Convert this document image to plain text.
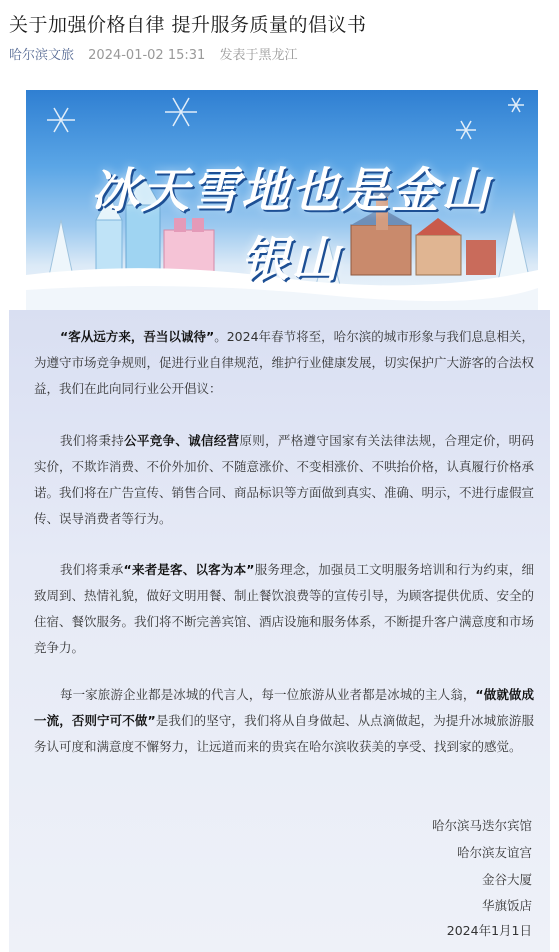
关于加强价格自律 提升服务质量的倡议书
哈尔滨文旅 2024-01-02 15:31 发表于黑龙江
冰天雪地也是金山银山

“客从远方来，吾当以诚待”。2024年春节将至，哈尔滨的城市形象与我们息息相关，为遵守市场竞争规则，促进行业自律规范，维护行业健康发展，切实保护广大游客的合法权益，我们在此向同行业公开倡议：

我们将秉持公平竞争、诚信经营原则，严格遵守国家有关法律法规，合理定价，明码实价，不欺诈消费、不价外加价、不随意涨价、不变相涨价、不哄抬价格，认真履行价格承诺。我们将在广告宣传、销售合同、商品标识等方面做到真实、准确、明示，不进行虚假宣传、误导消费者等行为。

我们将秉承“来者是客、以客为本”服务理念，加强员工文明服务培训和行为约束，细致周到、热情礼貌，做好文明用餐、制止餐饮浪费等的宣传引导，为顾客提供优质、安全的住宿、餐饮服务。我们将不断完善宾馆、酒店设施和服务体系，不断提升客户满意度和市场竞争力。

每一家旅游企业都是冰城的代言人，每一位旅游从业者都是冰城的主人翁，“做就做成一流，否则宁可不做”是我们的坚守，我们将从自身做起、从点滴做起，为提升冰城旅游服务认可度和满意度不懈努力，让远道而来的贵宾在哈尔滨收获美的享受、找到家的感觉。

哈尔滨马迭尔宾馆
哈尔滨友谊宫
金谷大厦
华旗饭店
2024年1月1日
